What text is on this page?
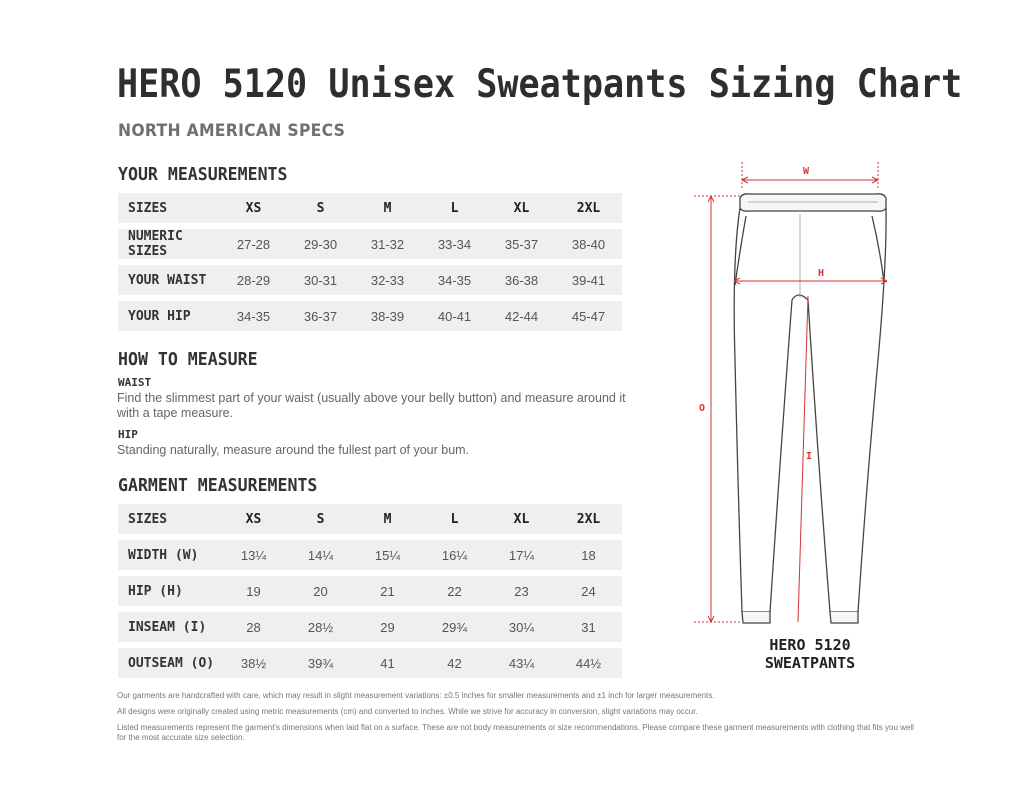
HERO 5120 Unisex Sweatpants Sizing Chart
NORTH AMERICAN SPECS
YOUR MEASUREMENTS
SIZES	XS	S	M	L	XL	2XL
NUMERIC SIZES	27-28	29-30	31-32	33-34	35-37	38-40
YOUR WAIST	28-29	30-31	32-33	34-35	36-38	39-41
YOUR HIP	34-35	36-37	38-39	40-41	42-44	45-47
HOW TO MEASURE
WAIST
Find the slimmest part of your waist (usually above your belly button) and measure around it with a tape measure.
HIP
Standing naturally, measure around the fullest part of your bum.
GARMENT MEASUREMENTS
SIZES	XS	S	M	L	XL	2XL
WIDTH (W)	13¼	14¼	15¼	16¼	17¼	18
HIP (H)	19	20	21	22	23	24
INSEAM (I)	28	28½	29	29¾	30¼	31
OUTSEAM (O)	38½	39¾	41	42	43¼	44½
W
H
O
I
HERO 5120
SWEATPANTS

Our garments are handcrafted with care, which may result in slight measurement variations: ±0.5 inches for smaller measurements and ±1 inch for larger measurements.

All designs were originally created using metric measurements (cm) and converted to inches. While we strive for accuracy in conversion, slight variations may occur.

Listed measurements represent the garment's dimensions when laid flat on a surface. These are not body measurements or size recommendations. Please compare these garment measurements with clothing that fits you well for the most accurate size selection.
